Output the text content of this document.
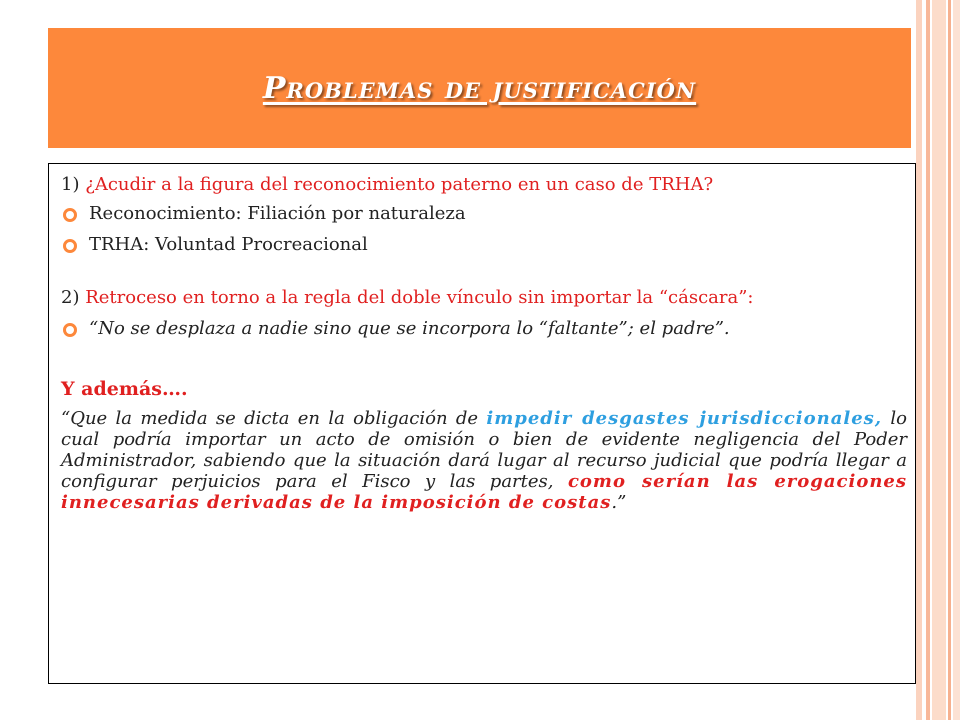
Problemas de justificación

1) ¿Acudir a la figura del reconocimiento paterno en un caso de TRHA?

Reconocimiento: Filiación por naturaleza

TRHA: Voluntad Procreacional

2) Retroceso en torno a la regla del doble vínculo sin importar la “cáscara”:

“No se desplaza a nadie sino que se incorpora lo “faltante”; el padre”.

Y además….

“Que la medida se dicta en la obligación de impedir desgastes jurisdiccionales, lo cual podría importar un acto de omisión o bien de evidente negligencia del Poder Administrador, sabiendo que la situación dará lugar al recurso judicial que podría llegar a configurar perjuicios para el Fisco y las partes, como serían las erogaciones innecesarias derivadas de la imposición de costas.”
